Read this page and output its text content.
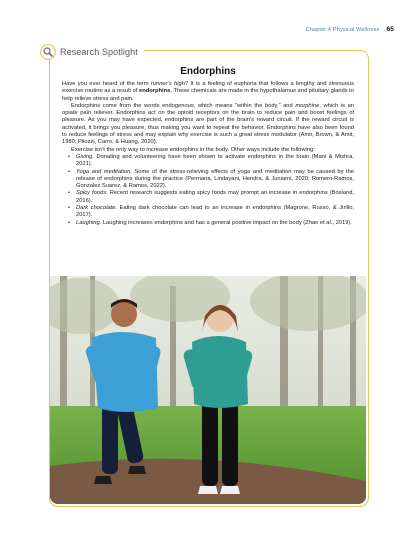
Chapter 4 Physical Wellness 65
Research Spotlight
Endorphins

Have you ever heard of the term runner’s high? It is a feeling of euphoria that follows a lengthy and strenuous exercise routine as a result of endorphins. These chemicals are made in the hypothalamus and pituitary glands to help relieve stress and pain.

Endorphins come from the words endogenous, which means “within the body,” and morphine, which is an opiate pain reliever. Endorphins act on the opioid receptors on the brain to reduce pain and boost feelings of pleasure. As you may have expected, endorphins are part of the brain’s reward circuit. If the reward circuit is activated, it brings you pleasure, thus making you want to repeat the behavior. Endorphins have also been found to reduce feelings of stress and may explain why exercise is such a great stress modulator (Amir, Brown, & Amit, 1980; Pilozzi, Carro, & Huang, 2020).

Exercise isn’t the only way to increase endorphins in the body. Other ways include the following:

• Giving. Donating and volunteering have been shown to activate endorphins in the brain (Mani & Mishra, 2021).
• Yoga and meditation. Some of the stress-relieving effects of yoga and meditation may be caused by the release of endorphins during the practice (Permana, Lindayani, Hendra, & Juniarni, 2020; Romero-Ramos, Gonzalez Suarez, & Ramos, 2022).
• Spicy foods. Recent research suggests eating spicy foods may prompt an increase in endorphins (Bosland, 2016).
• Dark chocolate. Eating dark chocolate can lead to an increase in endorphins (Magrone, Russo, & Jirillo, 2017).
• Laughing. Laughing increases endorphins and has a general positive impact on the body (Zhao et al., 2019).
